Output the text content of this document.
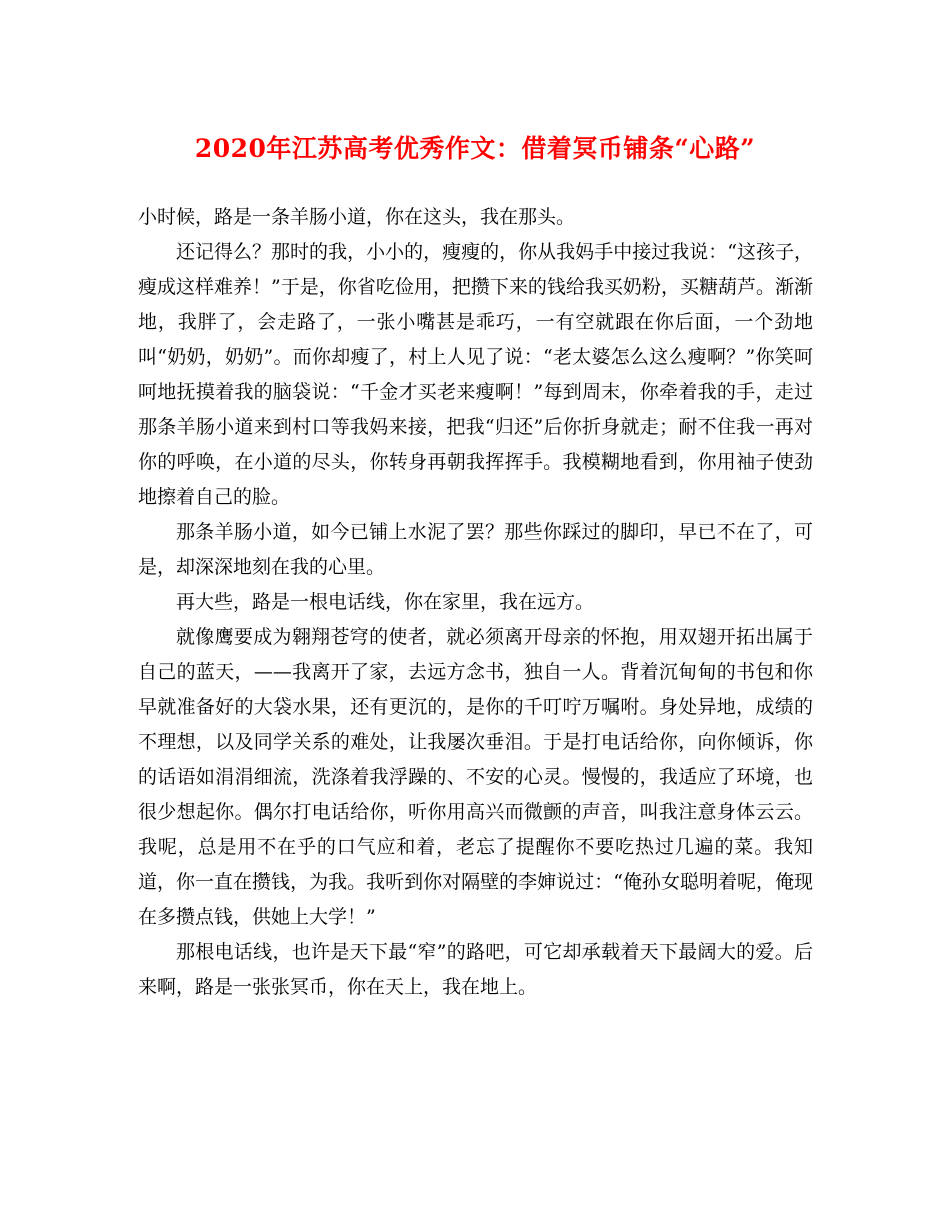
2020年江苏高考优秀作文：借着冥币铺条“心路”

小时候，路是一条羊肠小道，你在这头，我在那头。

还记得么？那时的我，小小的，瘦瘦的，你从我妈手中接过我说：“这孩子，瘦成这样难养！”于是，你省吃俭用，把攒下来的钱给我买奶粉，买糖葫芦。渐渐地，我胖了，会走路了，一张小嘴甚是乖巧，一有空就跟在你后面，一个劲地叫“奶奶，奶奶”。而你却瘦了，村上人见了说：“老太婆怎么这么瘦啊？”你笑呵呵地抚摸着我的脑袋说：“千金才买老来瘦啊！”每到周末，你牵着我的手，走过那条羊肠小道来到村口等我妈来接，把我“归还”后你折身就走；耐不住我一再对你的呼唤，在小道的尽头，你转身再朝我挥挥手。我模糊地看到，你用袖子使劲地擦着自己的脸。

那条羊肠小道，如今已铺上水泥了罢？那些你踩过的脚印，早已不在了，可是，却深深地刻在我的心里。

再大些，路是一根电话线，你在家里，我在远方。

就像鹰要成为翱翔苍穹的使者，就必须离开母亲的怀抱，用双翅开拓出属于自己的蓝天，——我离开了家，去远方念书，独自一人。背着沉甸甸的书包和你早就准备好的大袋水果，还有更沉的，是你的千叮咛万嘱咐。身处异地，成绩的不理想，以及同学关系的难处，让我屡次垂泪。于是打电话给你，向你倾诉，你的话语如涓涓细流，洗涤着我浮躁的、不安的心灵。慢慢的，我适应了环境，也很少想起你。偶尔打电话给你，听你用高兴而微颤的声音，叫我注意身体云云。我呢，总是用不在乎的口气应和着，老忘了提醒你不要吃热过几遍的菜。我知道，你一直在攒钱，为我。我听到你对隔壁的李婶说过：“俺孙女聪明着呢，俺现在多攒点钱，供她上大学！”

那根电话线，也许是天下最“窄”的路吧，可它却承载着天下最阔大的爱。后来啊，路是一张张冥币，你在天上，我在地上。
